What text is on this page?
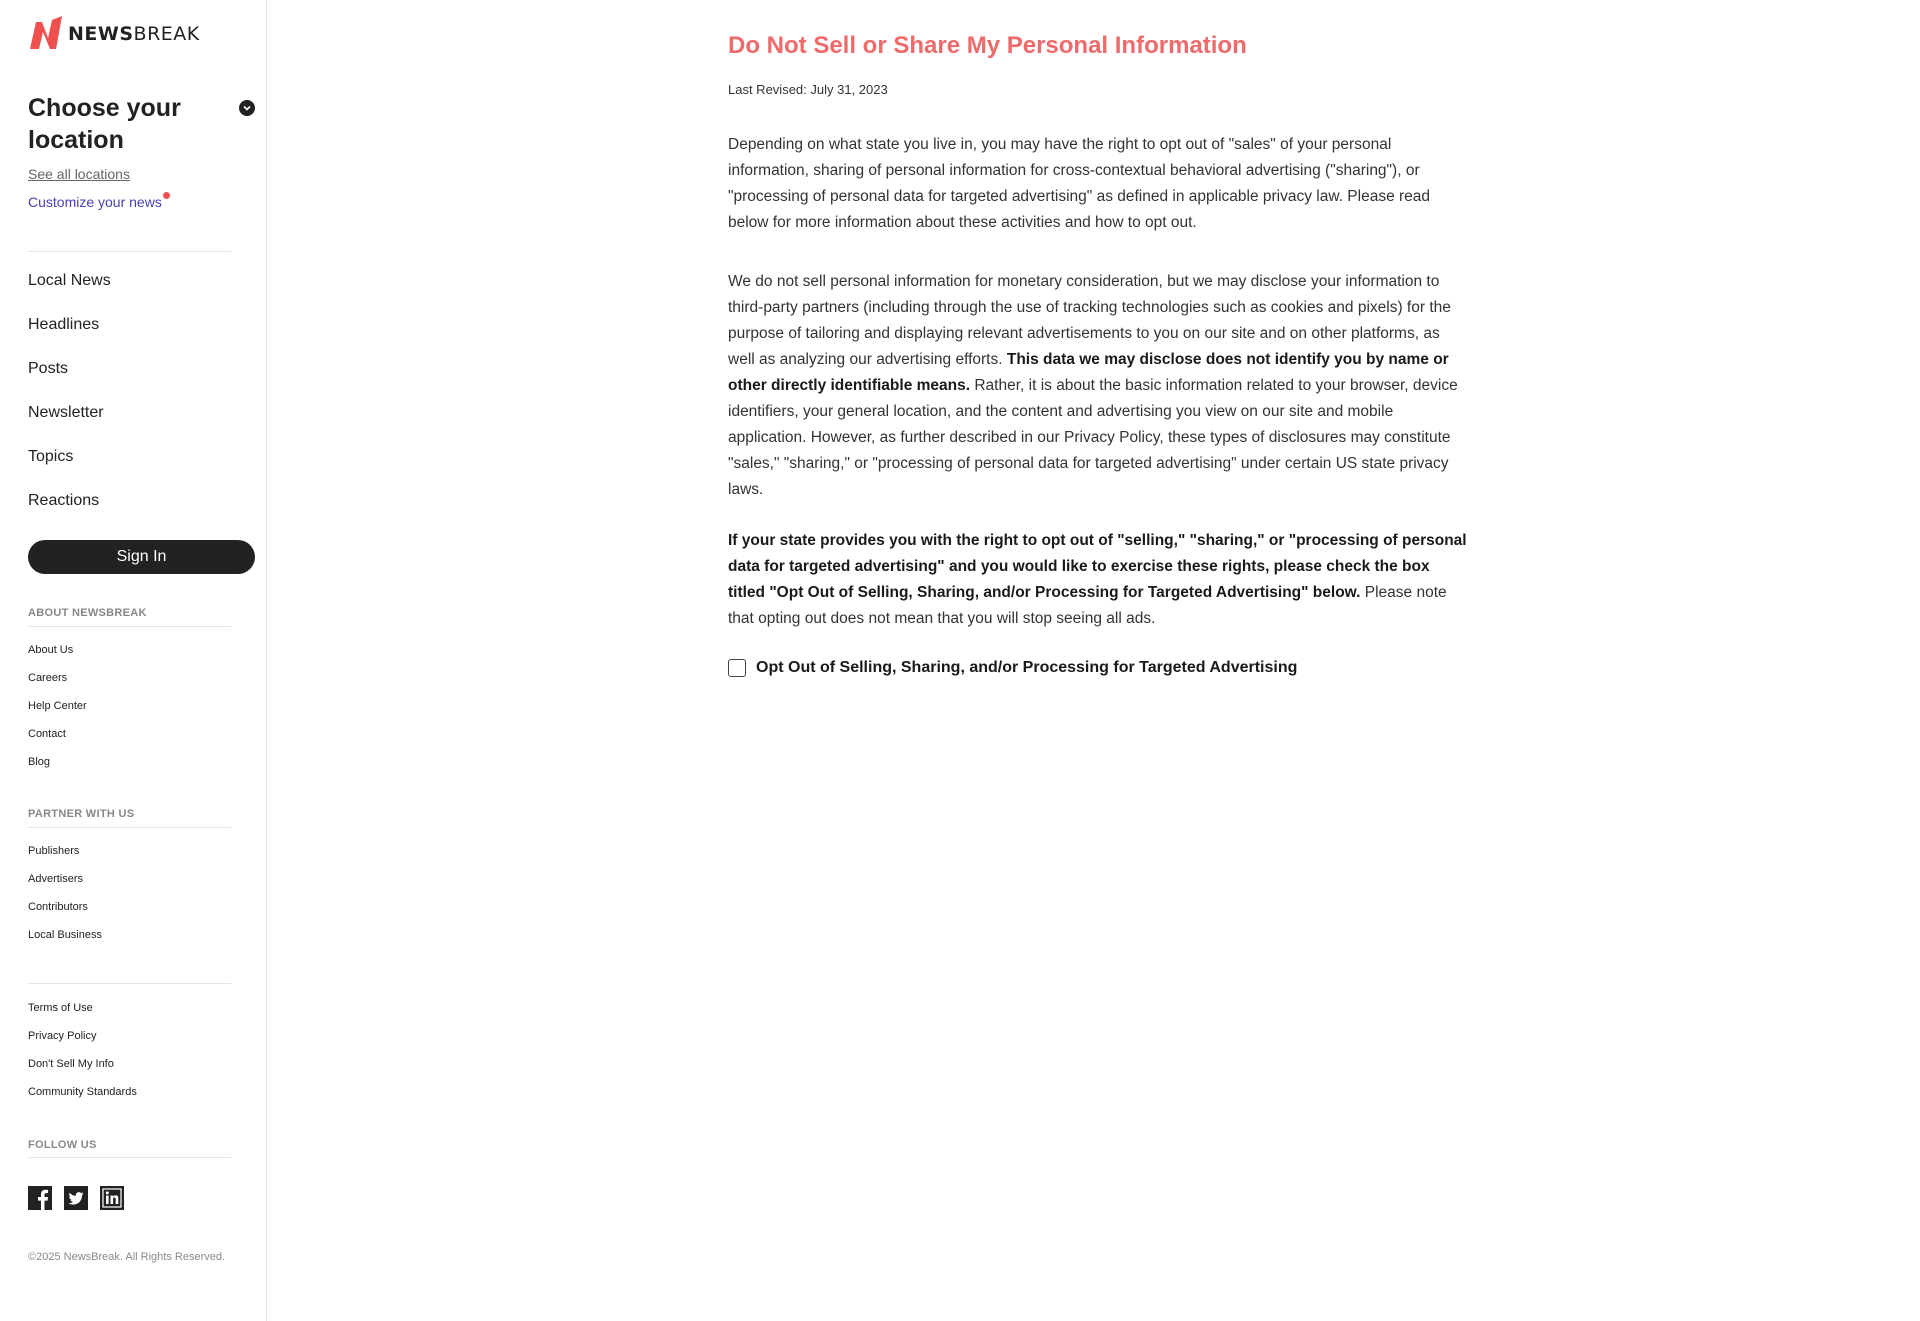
NEWSBREAK
Choose your location
See all locations
Customize your news
Local News
Headlines
Posts
Newsletter
Topics
Reactions
Sign In
ABOUT NEWSBREAK
About Us
Careers
Help Center
Contact
Blog
PARTNER WITH US
Publishers
Advertisers
Contributors
Local Business
Terms of Use
Privacy Policy
Don't Sell My Info
Community Standards
FOLLOW US
©2025 NewsBreak. All Rights Reserved.
Do Not Sell or Share My Personal Information
Last Revised: July 31, 2023

Depending on what state you live in, you may have the right to opt out of "sales" of your personal information, sharing of personal information for cross-contextual behavioral advertising ("sharing"), or "processing of personal data for targeted advertising" as defined in applicable privacy law. Please read below for more information about these activities and how to opt out.

We do not sell personal information for monetary consideration, but we may disclose your information to third-party partners (including through the use of tracking technologies such as cookies and pixels) for the purpose of tailoring and displaying relevant advertisements to you on our site and on other platforms, as well as analyzing our advertising efforts. This data we may disclose does not identify you by name or other directly identifiable means. Rather, it is about the basic information related to your browser, device identifiers, your general location, and the content and advertising you view on our site and mobile application. However, as further described in our Privacy Policy, these types of disclosures may constitute "sales," "sharing," or "processing of personal data for targeted advertising" under certain US state privacy laws.

If your state provides you with the right to opt out of "selling," "sharing," or "processing of personal data for targeted advertising" and you would like to exercise these rights, please check the box titled "Opt Out of Selling, Sharing, and/or Processing for Targeted Advertising" below. Please note that opting out does not mean that you will stop seeing all ads.

Opt Out of Selling, Sharing, and/or Processing for Targeted Advertising
